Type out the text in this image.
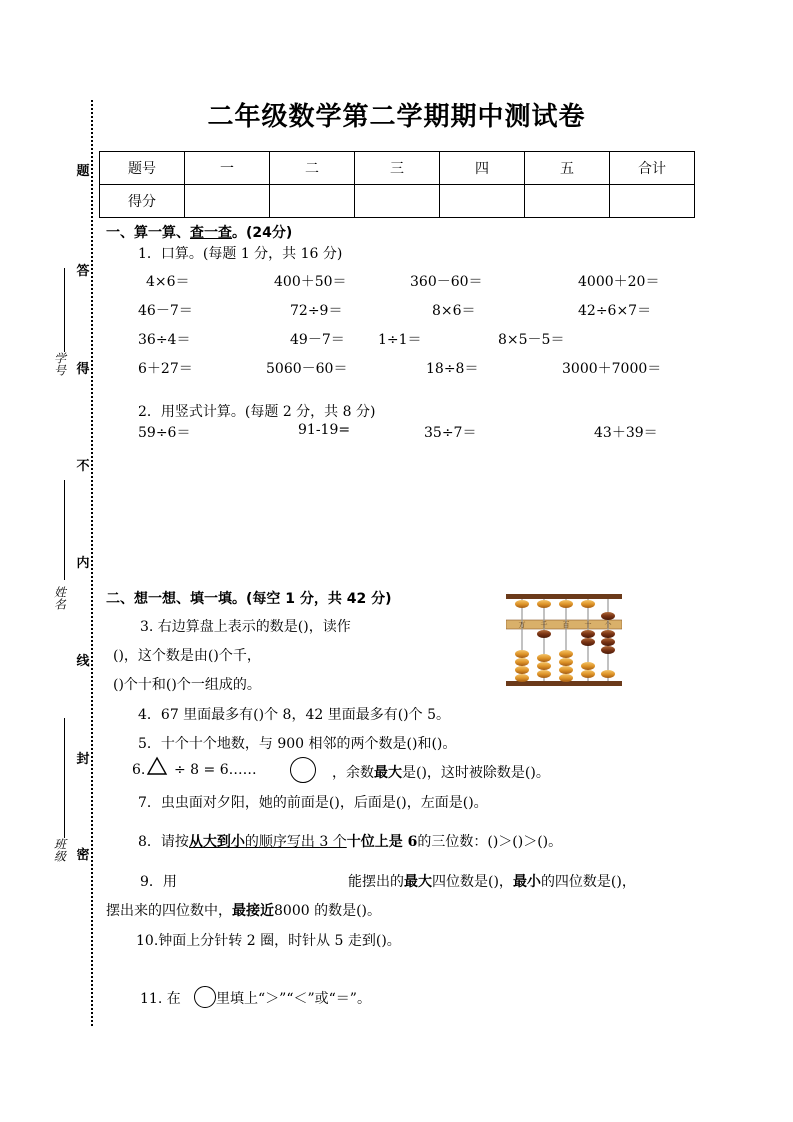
二年级数学第二学期期中测试卷
题
答
得
不
内
线
封
密
学号
姓名
班级
题号	一	二	三	四	五	合计
得分						
一、算一算、查一查。(24分)
1．口算。(每题 1 分，共 16 分)
4×6＝	400＋50＝	360－60＝	4000＋20＝
46－7＝	72÷9＝	8×6＝	42÷6×7＝
36÷4＝	49－7＝ 1÷1＝	8×5－5＝
6＋27＝	5060－60＝	18÷8＝	3000＋7000＝
2．用竖式计算。(每题 2 分，共 8 分)
59÷6＝	91-19=	35÷7＝	43＋39＝
二、想一想、填一填。(每空 1 分，共 42 分)
3. 右边算盘上表示的数是()，读作
()，这个数是由()个千，
()个十和()个一组成的。
万 千 百 十 个
4．67 里面最多有()个 8，42 里面最多有()个 5。
5．十个十个地数，与 900 相邻的两个数是()和()。
6. ÷ 8 = 6……	，余数最大是()，这时被除数是()。
7．虫虫面对夕阳，她的前面是()，后面是()，左面是()。
8．请按从大到小的顺序写出 3 个十位上是 6的三位数：()＞()＞()。
9．用	能摆出的最大四位数是()，最小的四位数是()，
摆出来的四位数中，最接近8000 的数是()。
10.钟面上分针转 2 圈，时针从 5 走到()。
11. 在	里填上“＞”“＜”或“＝”。
